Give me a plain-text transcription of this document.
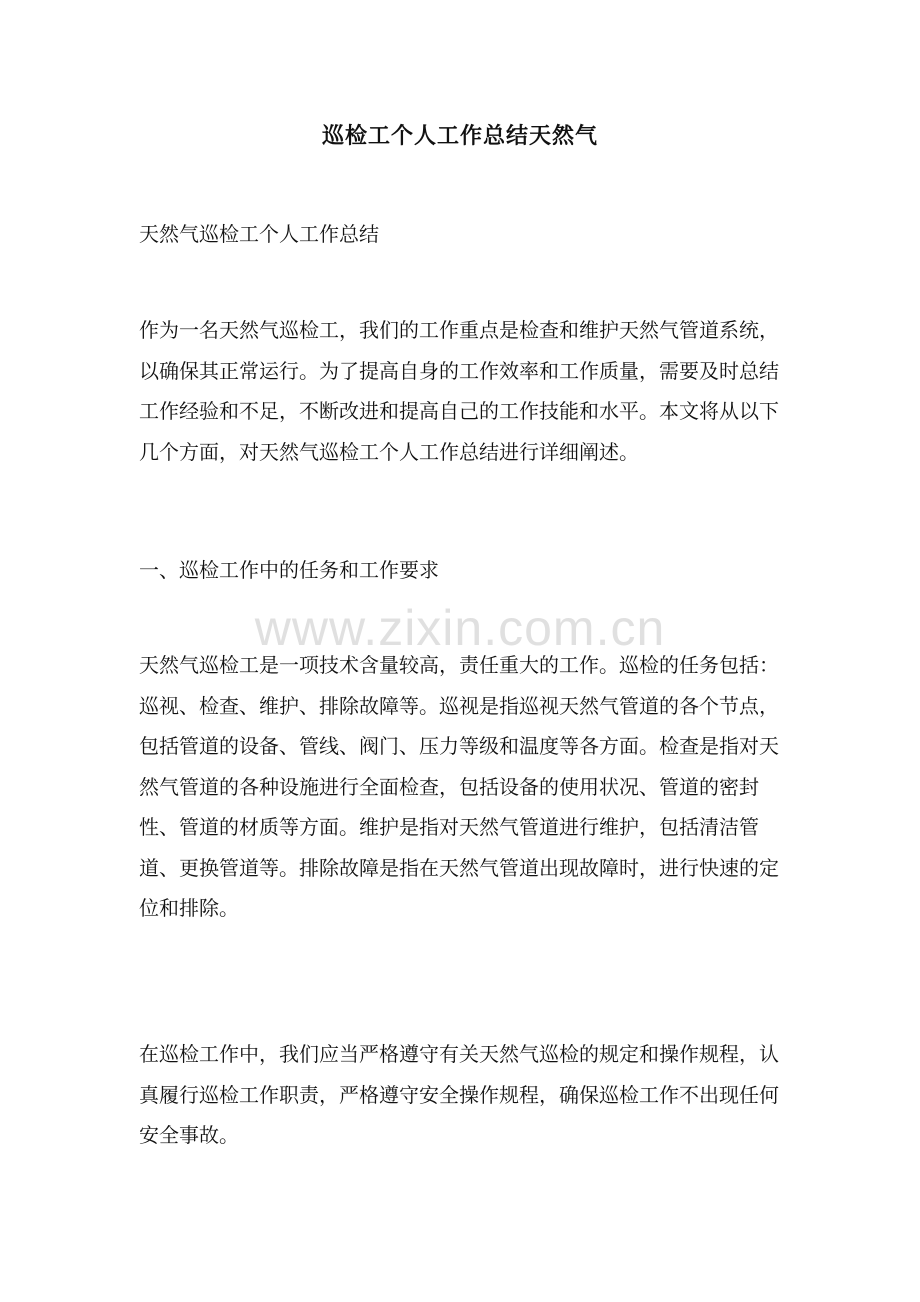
巡检工个人工作总结天然气

天然气巡检工个人工作总结

作为一名天然气巡检工，我们的工作重点是检查和维护天然气管道系统，以确保其正常运行。为了提高自身的工作效率和工作质量，需要及时总结工作经验和不足，不断改进和提高自己的工作技能和水平。本文将从以下几个方面，对天然气巡检工个人工作总结进行详细阐述。

一、巡检工作中的任务和工作要求

天然气巡检工是一项技术含量较高，责任重大的工作。巡检的任务包括：巡视、检查、维护、排除故障等。巡视是指巡视天然气管道的各个节点，包括管道的设备、管线、阀门、压力等级和温度等各方面。检查是指对天然气管道的各种设施进行全面检查，包括设备的使用状况、管道的密封性、管道的材质等方面。维护是指对天然气管道进行维护，包括清洁管道、更换管道等。排除故障是指在天然气管道出现故障时，进行快速的定位和排除。

在巡检工作中，我们应当严格遵守有关天然气巡检的规定和操作规程，认真履行巡检工作职责，严格遵守安全操作规程，确保巡检工作不出现任何安全事故。

www.zixin.com.cn
